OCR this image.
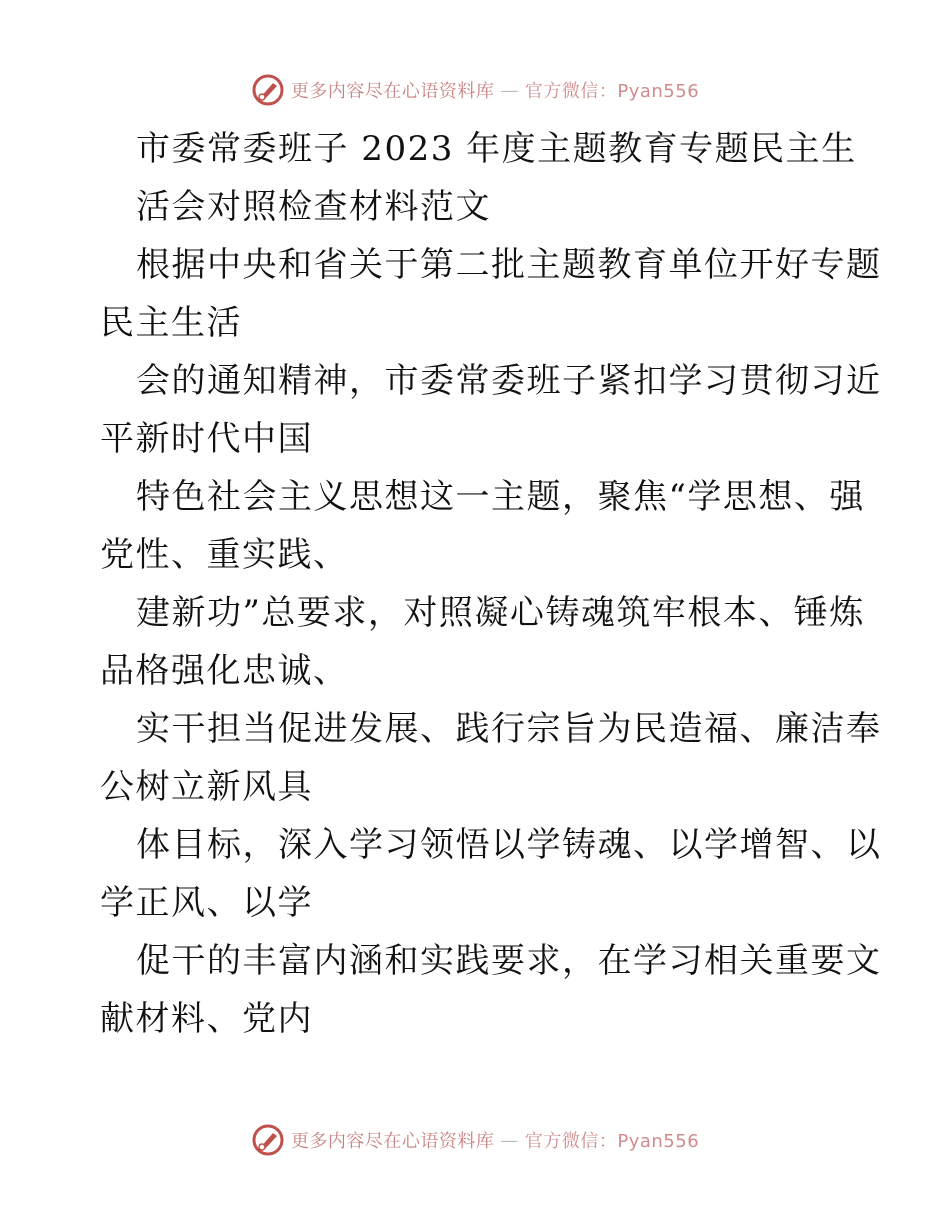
更多内容尽在心语资料库 — 官方微信：Pyan556
市委常委班子 2023 年度主题教育专题民主生
活会对照检查材料范文
根据中央和省关于第二批主题教育单位开好专题
民主生活
会的通知精神，市委常委班子紧扣学习贯彻习近
平新时代中国
特色社会主义思想这一主题，聚焦“学思想、强
党性、重实践、
建新功”总要求，对照凝心铸魂筑牢根本、锤炼
品格强化忠诚、
实干担当促进发展、践行宗旨为民造福、廉洁奉
公树立新风具
体目标，深入学习领悟以学铸魂、以学增智、以
学正风、以学
促干的丰富内涵和实践要求，在学习相关重要文
献材料、党内
更多内容尽在心语资料库 — 官方微信：Pyan556
